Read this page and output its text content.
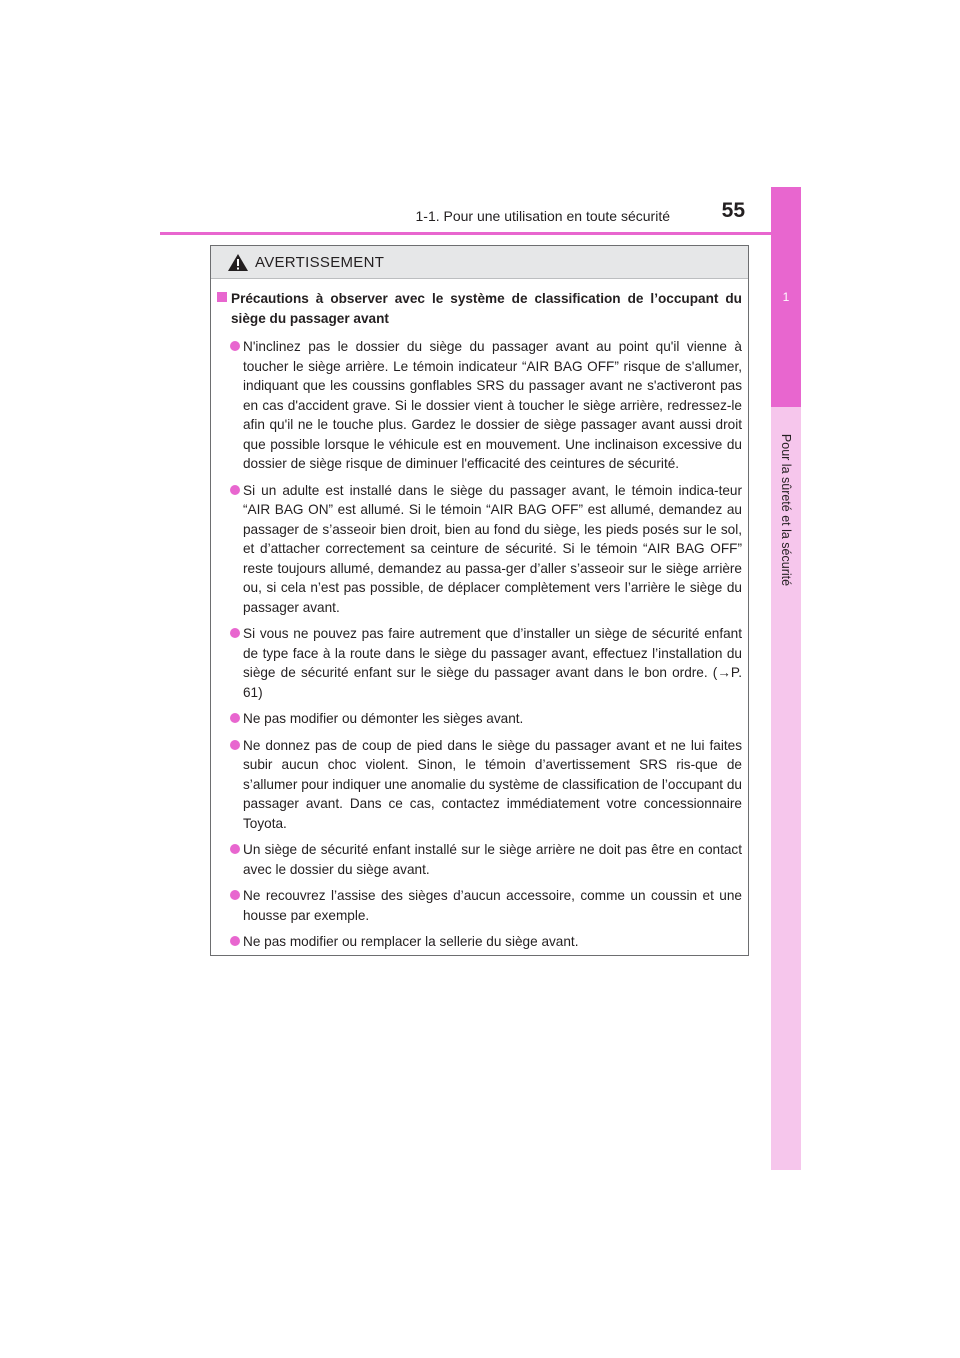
1
Pour la sûreté et la sécurité
1-1. Pour une utilisation en toute sécurité	55
AVERTISSEMENT
Précautions à observer avec le système de classification de l’occupant du siège du passager avant
N'inclinez pas le dossier du siège du passager avant au point qu'il vienne à toucher le siège arrière. Le témoin indicateur “AIR BAG OFF” risque de s'allumer, indiquant que les coussins gonflables SRS du passager avant ne s'activeront pas en cas d'accident grave. Si le dossier vient à toucher le siège arrière, redressez-le afin qu'il ne le touche plus. Gardez le dossier de siège passager avant aussi droit que possible lorsque le véhicule est en mouvement. Une inclinaison excessive du dossier de siège risque de diminuer l'efficacité des ceintures de sécurité.
Si un adulte est installé dans le siège du passager avant, le témoin indica-teur “AIR BAG ON” est allumé. Si le témoin “AIR BAG OFF” est allumé, demandez au passager de s’asseoir bien droit, bien au fond du siège, les pieds posés sur le sol, et d’attacher correctement sa ceinture de sécurité. Si le témoin “AIR BAG OFF” reste toujours allumé, demandez au passa-ger d’aller s’asseoir sur le siège arrière ou, si cela n’est pas possible, de déplacer complètement vers l’arrière le siège du passager avant.
Si vous ne pouvez pas faire autrement que d’installer un siège de sécurité enfant de type face à la route dans le siège du passager avant, effectuez l’installation du siège de sécurité enfant sur le siège du passager avant dans le bon ordre. (→P. 61)
Ne pas modifier ou démonter les sièges avant.
Ne donnez pas de coup de pied dans le siège du passager avant et ne lui faites subir aucun choc violent. Sinon, le témoin d’avertissement SRS ris-que de s’allumer pour indiquer une anomalie du système de classification de l’occupant du passager avant. Dans ce cas, contactez immédiatement votre concessionnaire Toyota.
Un siège de sécurité enfant installé sur le siège arrière ne doit pas être en contact avec le dossier du siège avant.
Ne recouvrez l’assise des sièges d’aucun accessoire, comme un coussin et une housse par exemple.
Ne pas modifier ou remplacer la sellerie du siège avant.
